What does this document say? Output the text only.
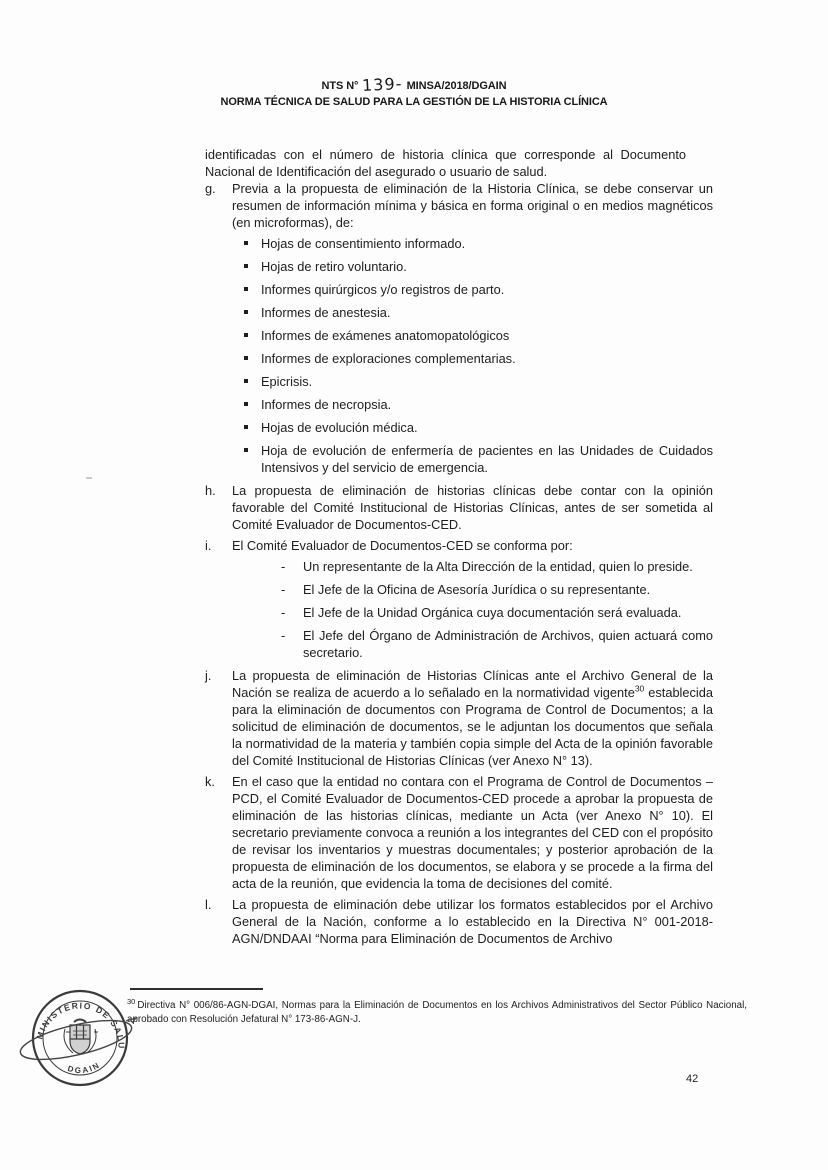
NTS N° 139- MINSA/2018/DGAIN
NORMA TÉCNICA DE SALUD PARA LA GESTIÓN DE LA HISTORIA CLÍNICA

identificadas con el número de historia clínica que corresponde al Documento Nacional de Identificación del asegurado o usuario de salud.

g.	Previa a la propuesta de eliminación de la Historia Clínica, se debe conservar un resumen de información mínima y básica en forma original o en medios magnéticos (en microformas), de:

Hojas de consentimiento informado.
Hojas de retiro voluntario.
Informes quirúrgicos y/o registros de parto.
Informes de anestesia.
Informes de exámenes anatomopatológicos
Informes de exploraciones complementarias.
Epicrisis.
Informes de necropsia.
Hojas de evolución médica.
Hoja de evolución de enfermería de pacientes en las Unidades de Cuidados Intensivos y del servicio de emergencia.
h.	La propuesta de eliminación de historias clínicas debe contar con la opinión favorable del Comité Institucional de Historias Clínicas, antes de ser sometida al Comité Evaluador de Documentos-CED.

i.	El Comité Evaluador de Documentos-CED se conforma por:

-	Un representante de la Alta Dirección de la entidad, quien lo preside.
-	El Jefe de la Oficina de Asesoría Jurídica o su representante.
-	El Jefe de la Unidad Orgánica cuya documentación será evaluada.
-	El Jefe del Órgano de Administración de Archivos, quien actuará como secretario.
j.	La propuesta de eliminación de Historias Clínicas ante el Archivo General de la Nación se realiza de acuerdo a lo señalado en la normatividad vigente$^{30}$ establecida para la eliminación de documentos con Programa de Control de Documentos; a la solicitud de eliminación de documentos, se le adjuntan los documentos que señala la normatividad de la materia y también copia simple del Acta de la opinión favorable del Comité Institucional de Historias Clínicas (ver Anexo N° 13).

k.	En el caso que la entidad no contara con el Programa de Control de Documentos – PCD, el Comité Evaluador de Documentos-CED procede a aprobar la propuesta de eliminación de las historias clínicas, mediante un Acta (ver Anexo N° 10). El secretario previamente convoca a reunión a los integrantes del CED con el propósito de revisar los inventarios y muestras documentales; y posterior aprobación de la propuesta de eliminación de los documentos, se elabora y se procede a la firma del acta de la reunión, que evidencia la toma de decisiones del comité.

l.	La propuesta de eliminación debe utilizar los formatos establecidos por el Archivo General de la Nación, conforme a lo establecido en la Directiva N° 001-2018-AGN/DNDAAI “Norma para Eliminación de Documentos de Archivo

$^{30}$ Directiva N° 006/86-AGN-DGAI, Normas para la Eliminación de Documentos en los Archivos Administrativos del Sector Público Nacional, aprobado con Resolución Jefatural N° 173-86-AGN-J.
MINISTERIO DE SALUD
DGAIN
42
